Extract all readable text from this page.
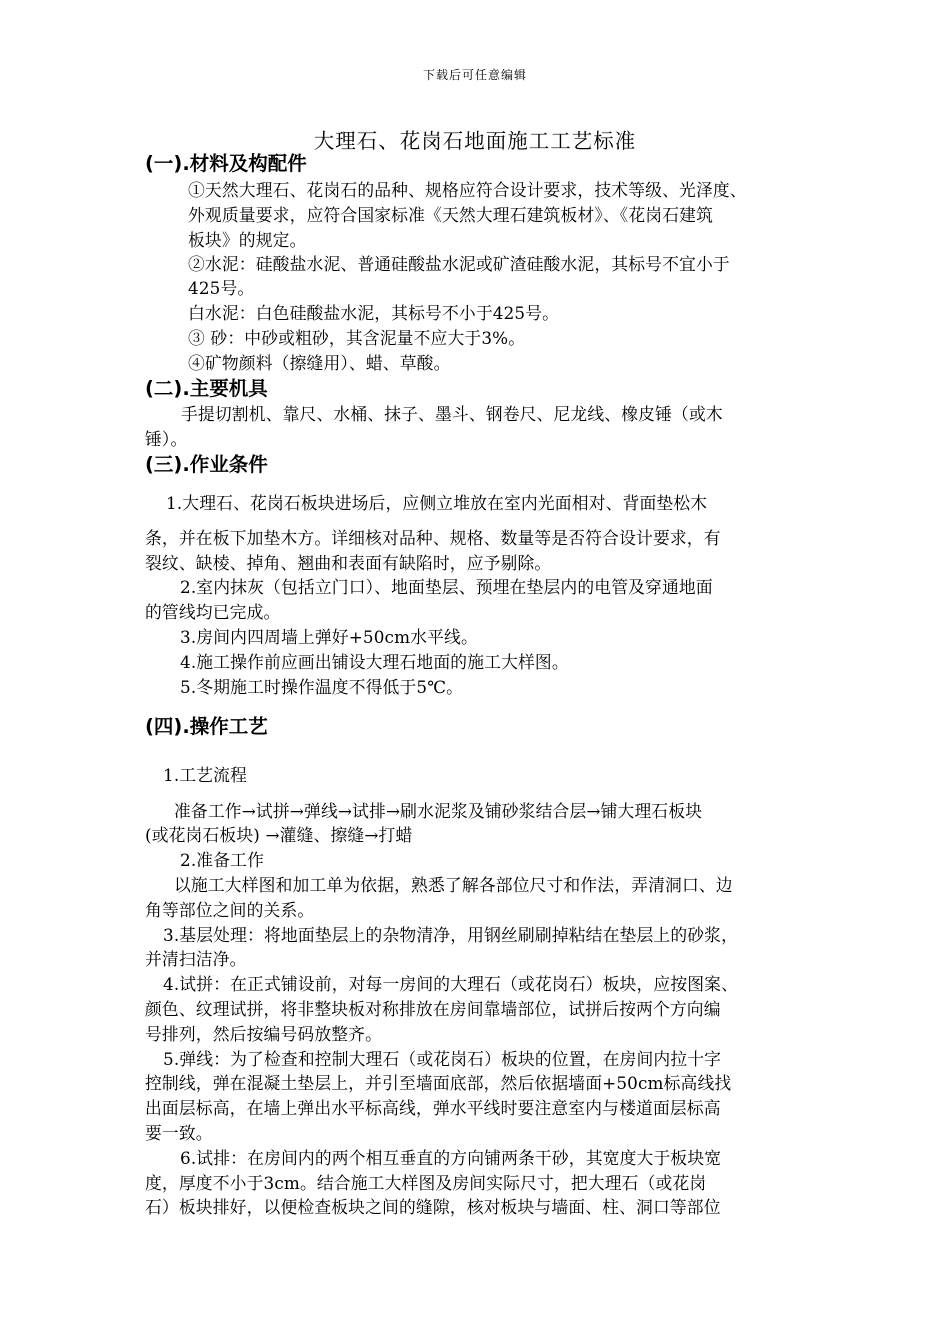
下载后可任意编辑
大理石、花岗石地面施工工艺标准
(一).材料及构配件
①天然大理石、花岗石的品种、规格应符合设计要求，技术等级、光泽度、
外观质量要求，应符合国家标准《天然大理石建筑板材》、《花岗石建筑
板块》的规定。
②水泥：硅酸盐水泥、普通硅酸盐水泥或矿渣硅酸水泥，其标号不宜小于
425号。
白水泥：白色硅酸盐水泥，其标号不小于425号。
③ 砂：中砂或粗砂，其含泥量不应大于3%。
④矿物颜料（擦缝用）、蜡、草酸。
(二).主要机具
手提切割机、靠尺、水桶、抹子、墨斗、钢卷尺、尼龙线、橡皮锤（或木
锤）。
(三).作业条件
1.大理石、花岗石板块进场后，应侧立堆放在室内光面相对、背面垫松木
条，并在板下加垫木方。详细核对品种、规格、数量等是否符合设计要求，有
裂纹、缺棱、掉角、翘曲和表面有缺陷时，应予剔除。
2.室内抹灰（包括立门口）、地面垫层、预埋在垫层内的电管及穿通地面
的管线均已完成。
3.房间内四周墙上弹好+50cm水平线。
4.施工操作前应画出铺设大理石地面的施工大样图。
5.冬期施工时操作温度不得低于5℃。
(四).操作工艺
1.工艺流程
准备工作→试拼→弹线→试排→刷水泥浆及铺砂浆结合层→铺大理石板块
(或花岗石板块) →灌缝、擦缝→打蜡
2.准备工作
以施工大样图和加工单为依据，熟悉了解各部位尺寸和作法，弄清洞口、边
角等部位之间的关系。
3.基层处理：将地面垫层上的杂物清净，用钢丝刷刷掉粘结在垫层上的砂浆，
并清扫洁净。
4.试拼：在正式铺设前，对每一房间的大理石（或花岗石）板块，应按图案、
颜色、纹理试拼，将非整块板对称排放在房间靠墙部位，试拼后按两个方向编
号排列，然后按编号码放整齐。
5.弹线：为了检查和控制大理石（或花岗石）板块的位置，在房间内拉十字
控制线，弹在混凝土垫层上，并引至墙面底部，然后依据墙面+50cm标高线找
出面层标高，在墙上弹出水平标高线，弹水平线时要注意室内与楼道面层标高
要一致。
6.试排：在房间内的两个相互垂直的方向铺两条干砂，其宽度大于板块宽
度，厚度不小于3cm。结合施工大样图及房间实际尺寸，把大理石（或花岗
石）板块排好，以便检查板块之间的缝隙，核对板块与墙面、柱、洞口等部位
